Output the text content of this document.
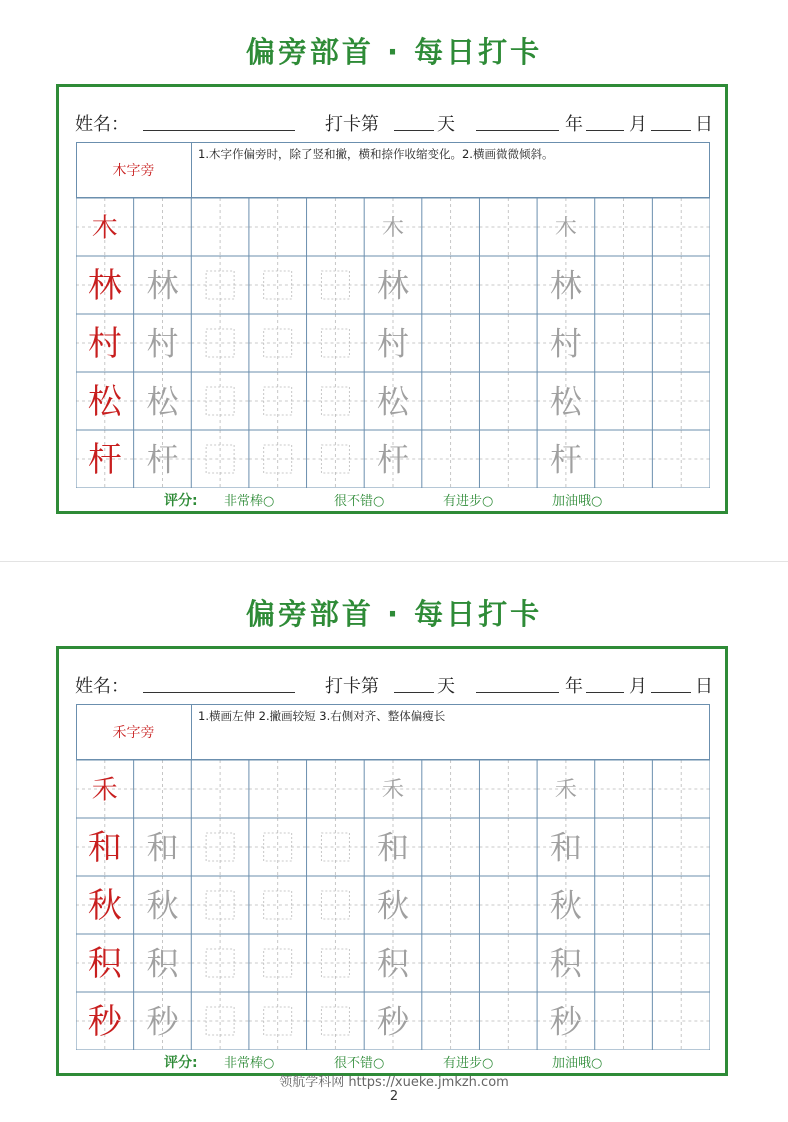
偏旁部首 · 每日打卡
姓名：	打卡第	天	年	月	日
木字旁
1.木字作偏旁时，除了竖和撇，横和捺作收缩变化。2.横画微微倾斜。
木	木	木
林 林	林	林
村 村	村	村
松 松	松	松
杆 杆	杆	杆
评分: 非常棒○	很不错○	有进步○	加油哦○
偏旁部首 · 每日打卡
姓名：	打卡第	天	年	月	日
禾字旁
1.横画左伸 2.撇画较短 3.右侧对齐、整体偏瘦长
禾	禾	禾
和 和	和	和
秋 秋	秋	秋
积 积	积	积
秒 秒	秒	秒
评分: 非常棒○	很不错○	有进步○	加油哦○
领航学科网 https://xueke.jmkzh.com
2
